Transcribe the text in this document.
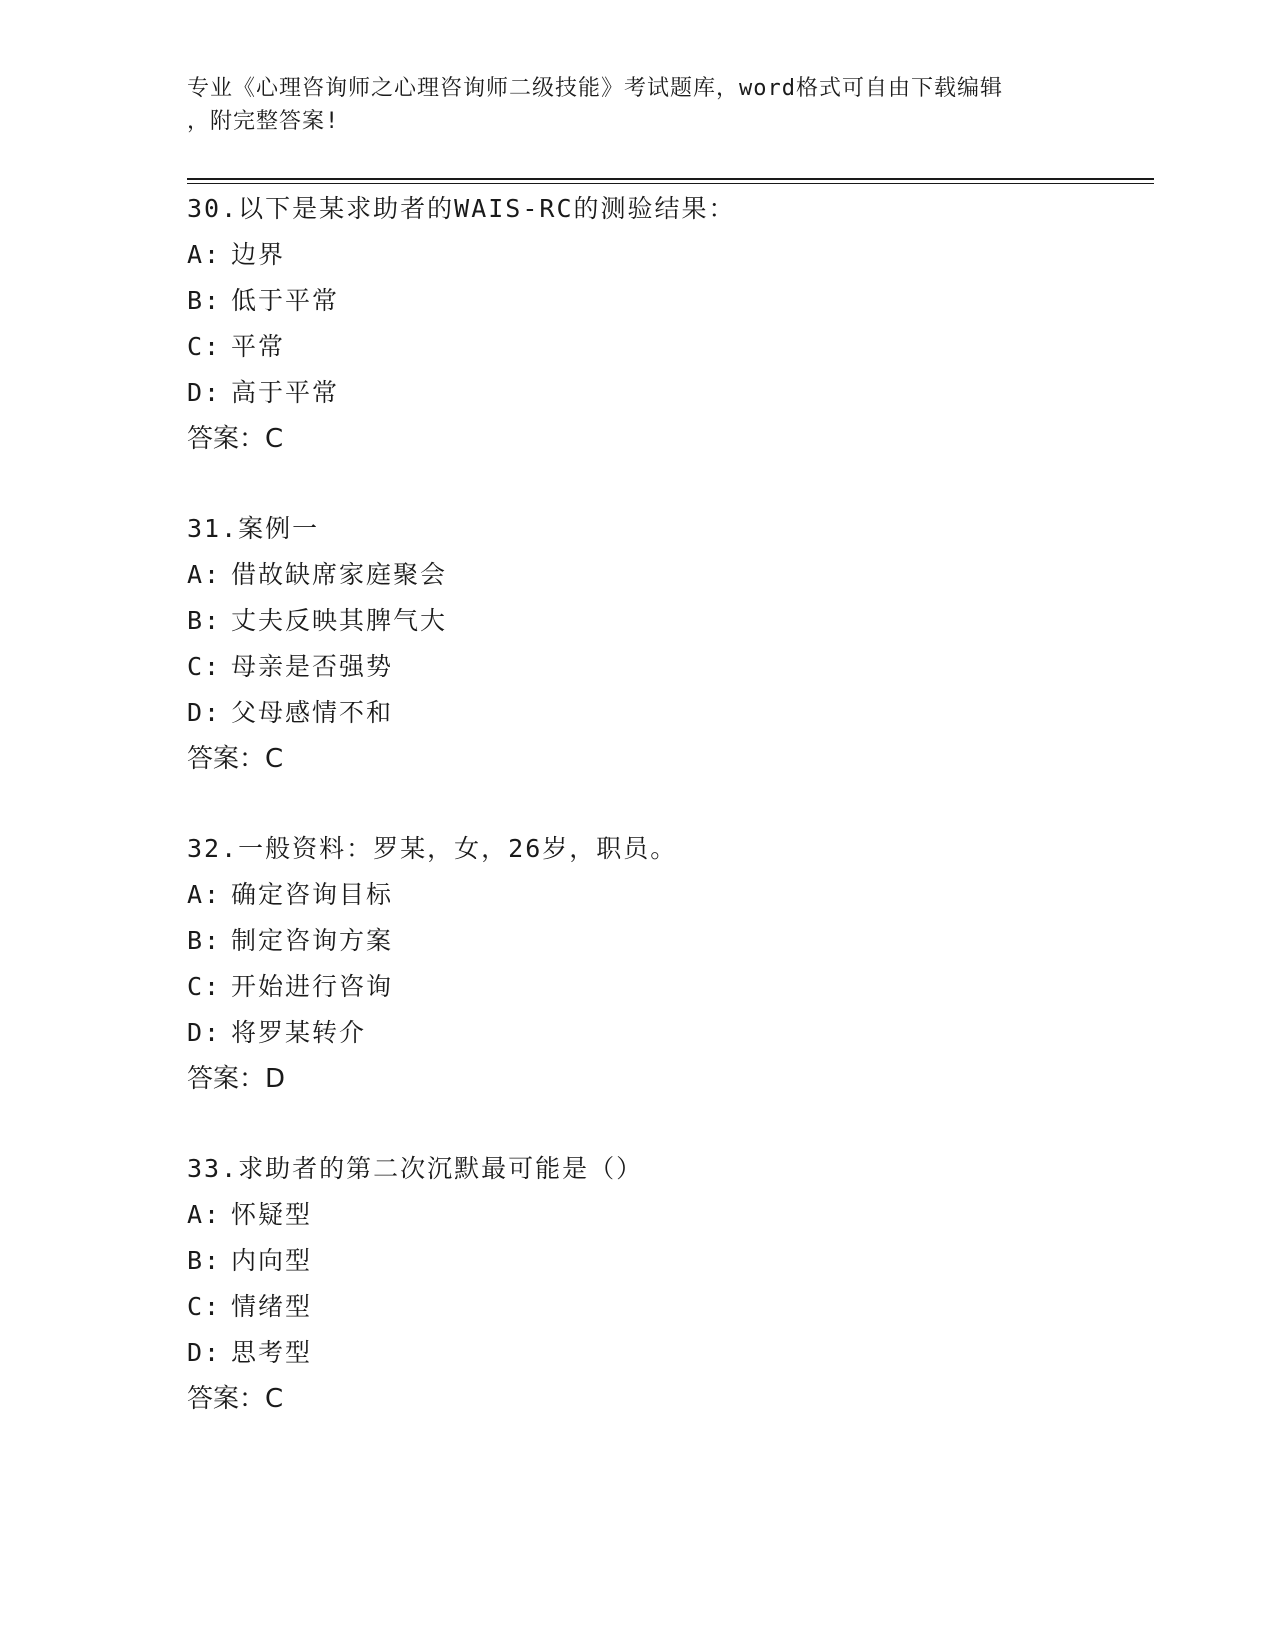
专业《心理咨询师之心理咨询师二级技能》考试题库，word格式可自由下载编辑
，附完整答案!
30.以下是某求助者的WAIS-RC的测验结果：
A: 边界
B: 低于平常
C: 平常
D: 高于平常
答案：C
31.案例一
A: 借故缺席家庭聚会
B: 丈夫反映其脾气大
C: 母亲是否强势
D: 父母感情不和
答案：C
32.一般资料：罗某，女，26岁，职员。
A: 确定咨询目标
B: 制定咨询方案
C: 开始进行咨询
D: 将罗某转介
答案：D
33.求助者的第二次沉默最可能是（）
A: 怀疑型
B: 内向型
C: 情绪型
D: 思考型
答案：C
